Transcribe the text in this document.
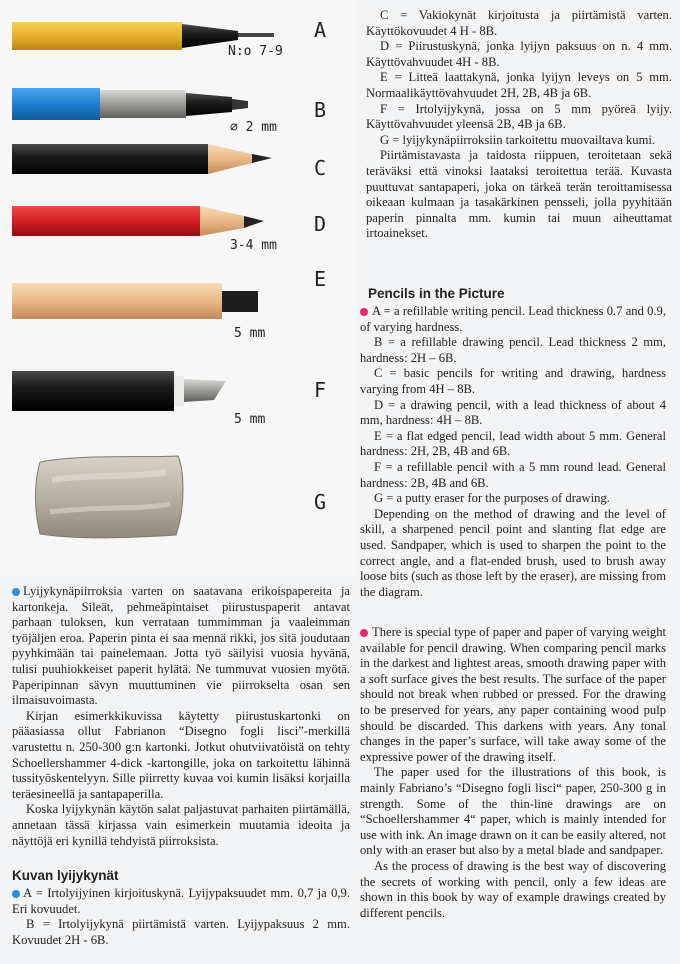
A
B
C
D
E
F
G
N:o 7-9
⌀ 2 mm
3-4 mm
5 mm
5 mm

Lyijykynäpiirroksia varten on saatavana erikoispapereita ja kartonkeja. Sileät, pehmeäpintaiset piirustuspaperit antavat parhaan tuloksen, kun verrataan tummimman ja vaaleimman työjäljen eroa. Paperin pinta ei saa mennä rikki, jos sitä joudutaan pyyhkimään tai painelemaan. Jotta työ säilyisi vuosia hyvänä, tulisi puuhiokkeiset paperit hylätä. Ne tummuvat vuosien myötä. Paperipinnan sävyn muuttuminen vie piirrokselta osan sen ilmaisuvoimasta.

Kirjan esimerkkikuvissa käytetty piirustuskartonki on pääasiassa ollut Fabrianon “Disegno fogli lisci”-merkillä varustettu n. 250-300 g:n kartonki. Jotkut ohutviivatöistä on tehty Schoellershammer 4-dick -kartongille, joka on tarkoitettu lähinnä tussityöskentelyyn. Sille piirretty kuvaa voi kumin lisäksi korjailla teräesineellä ja santapaperilla.

Koska lyijykynän käytön salat paljastuvat parhaiten piirtämällä, annetaan tässä kirjassa vain esimerkein muutamia ideoita ja näyttöjä eri kynillä tehdyistä piirroksista.

Kuvan lyijykynät

A = Irtolyijyinen kirjoituskynä. Lyijypaksuudet mm. 0,7 ja 0,9. Eri kovuudet.

B = Irtolyijykynä piirtämistä varten. Lyijypaksuus 2 mm. Kovuudet 2H - 6B.

C = Vakiokynät kirjoitusta ja piirtämistä varten. Käyttökovuudet 4 H - 8B.

D = Piirustuskynä, jonka lyijyn paksuus on n. 4 mm. Käyttövahvuudet 4H - 8B.

E = Litteä laattakynä, jonka lyijyn leveys on 5 mm. Normaalikäyttövahvuudet 2H, 2B, 4B ja 6B.

F = Irtolyijykynä, jossa on 5 mm pyöreä lyijy. Käyttövahvuudet yleensä 2B, 4B ja 6B.

G = lyijykynäpiirroksiin tarkoitettu muovailtava kumi.

Piirtämistavasta ja taidosta riippuen, teroitetaan sekä teräväksi että vinoksi laataksi teroitettua terää. Kuvasta puuttuvat santapaperi, joka on tärkeä terän teroittamisessa oikeaan kulmaan ja tasakärkinen pensseli, jolla pyyhitään paperin pinnalta mm. kumin tai muun aiheuttamat irtoainekset.

Pencils in the Picture

A = a refillable writing pencil. Lead thickness 0.7 and 0.9, of varying hardness.

B = a refillable drawing pencil. Lead thickness 2 mm, hardness: 2H – 6B.

C = basic pencils for writing and drawing, hardness varying from 4H – 8B.

D = a drawing pencil, with a lead thickness of about 4 mm, hardness: 4H – 8B.

E = a flat edged pencil, lead width about 5 mm. General hardness: 2H, 2B, 4B and 6B.

F = a refillable pencil with a 5 mm round lead. General hardness: 2B, 4B and 6B.

G = a putty eraser for the purposes of drawing.

Depending on the method of drawing and the level of skill, a sharpened pencil point and slanting flat edge are used. Sandpaper, which is used to sharpen the point to the correct angle, and a flat-ended brush, used to brush away loose bits (such as those left by the eraser), are missing from the diagram.

There is special type of paper and paper of varying weight available for pencil drawing. When comparing pencil marks in the darkest and lightest areas, smooth drawing paper with a soft surface gives the best results. The surface of the paper should not break when rubbed or pressed. For the drawing to be preserved for years, any paper containing wood pulp should be discarded. This darkens with years. Any tonal changes in the paper’s surface, will take away some of the expressive power of the drawing itself.

The paper used for the illustrations of this book, is mainly Fabriano’s “Disegno fogli lisci“ paper, 250-300 g in strength. Some of the thin-line drawings are on “Schoellershammer 4“ paper, which is mainly intended for use with ink. An image drawn on it can be easily altered, not only with an eraser but also by a metal blade and sandpaper.

As the process of drawing is the best way of discovering the secrets of working with pencil, only a few ideas are shown in this book by way of example drawings created by different pencils.
